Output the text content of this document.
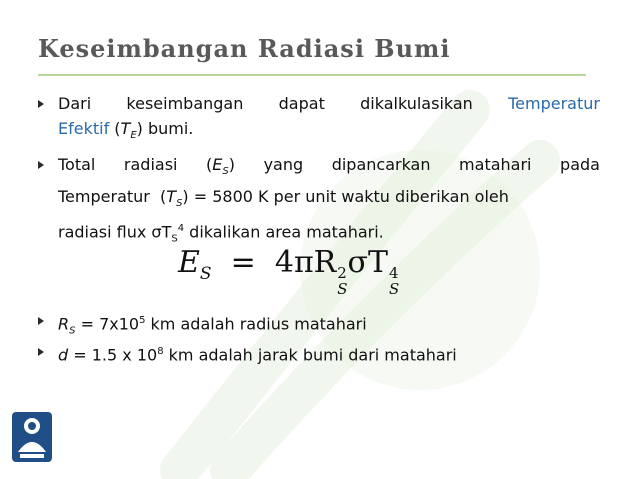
Keseimbangan Radiasi Bumi
Dari keseimbangan dapat dikalkulasikan Temperatur
Efektif $(T_E)$ bumi.
Total radiasi $(E_S)$ yang dipancarkan matahari pada
Temperatur  $(T_S) = 5800$ K per unit waktu diberikan oleh
radiasi flux $\sigma T_S^4$ dikalikan area matahari.
$E_S = 4\pi R$ 2
S
σT 4
S
$R_S = 7x10^5$ km adalah radius matahari
d = 1.5 x $10^8$ km adalah jarak bumi dari matahari
